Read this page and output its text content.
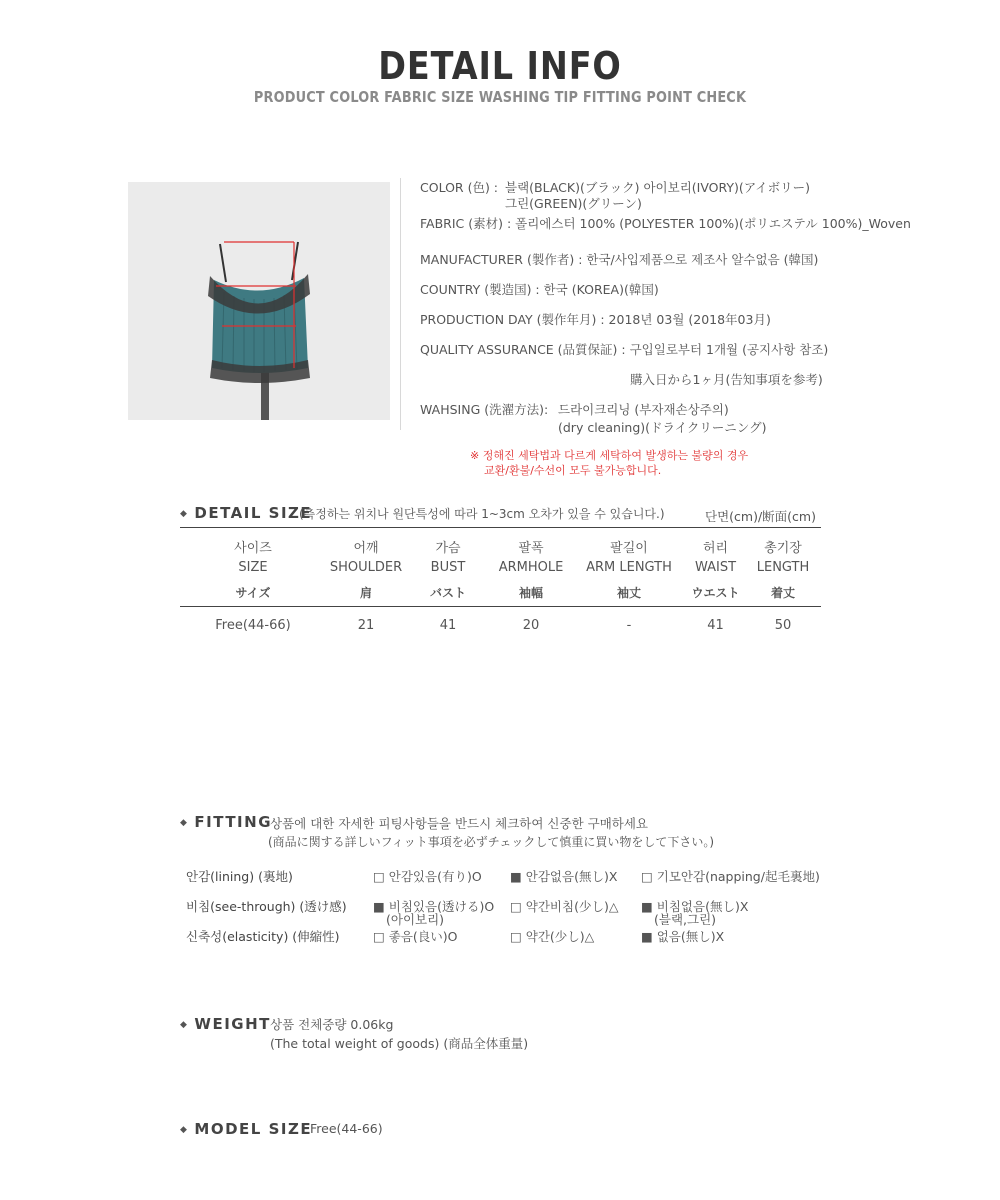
DETAIL INFO
PRODUCT COLOR FABRIC SIZE WASHING TIP FITTING POINT CHECK
COLOR (色) : 블랙(BLACK)(ブラック) 아이보리(IVORY)(アイボリー)
그린(GREEN)(グリーン)
FABRIC (素材) : 폴리에스터 100% (POLYESTER 100%)(ポリエステル 100%)_Woven
MANUFACTURER (製作者) : 한국/사입제품으로 제조사 알수없음 (韓国)
COUNTRY (製造国) : 한국 (KOREA)(韓国)
PRODUCTION DAY (製作年月) : 2018년 03월 (2018年03月)
QUALITY ASSURANCE (品質保証) : 구입일로부터 1개월 (공지사항 참조)
購入日から1ヶ月(告知事項を参考)
WAHSING (洗濯方法): 드라이크리닝 (부자재손상주의)
(dry cleaning)(ドライクリーニング)
※ 정해진 세탁법과 다르게 세탁하여 발생하는 불량의 경우
교환/환불/수선이 모두 불가능합니다.
◆ DETAIL SIZE
(측정하는 위치나 원단특성에 따라 1~3cm 오차가 있을 수 있습니다.)	단면(cm)/断面(cm)
사이즈	어깨	가슴	팔폭	팔길이	허리	총기장
SIZE	SHOULDER	BUST	ARMHOLE	ARM LENGTH	WAIST	LENGTH
サイズ	肩	バスト	袖幅	袖丈	ウエスト	着丈
Free(44-66)	21	41	20	-	41	50
◆ FITTING
상품에 대한 자세한 피팅사항들을 반드시 체크하여 신중한 구매하세요
(商品に関する詳しいフィット事項を必ずチェックして慎重に買い物をして下さい。)
안감(lining) (裏地)	□ 안감있음(有り)O ■ 안감없음(無し)X □ 기모안감(napping/起毛裏地)
비침(see-through) (透け感) ■ 비침있음(透ける)O
(아이보리)
□ 약간비침(少し)△ ■ 비침없음(無し)X
(블랙,그린)
신축성(elasticity) (伸縮性)	□ 좋음(良い)O	□ 약간(少し)△	■ 없음(無し)X
◆ WEIGHT 상품 전체중량 0.06kg
(The total weight of goods) (商品全体重量)
◆ MODEL SIZE
Free(44-66)
